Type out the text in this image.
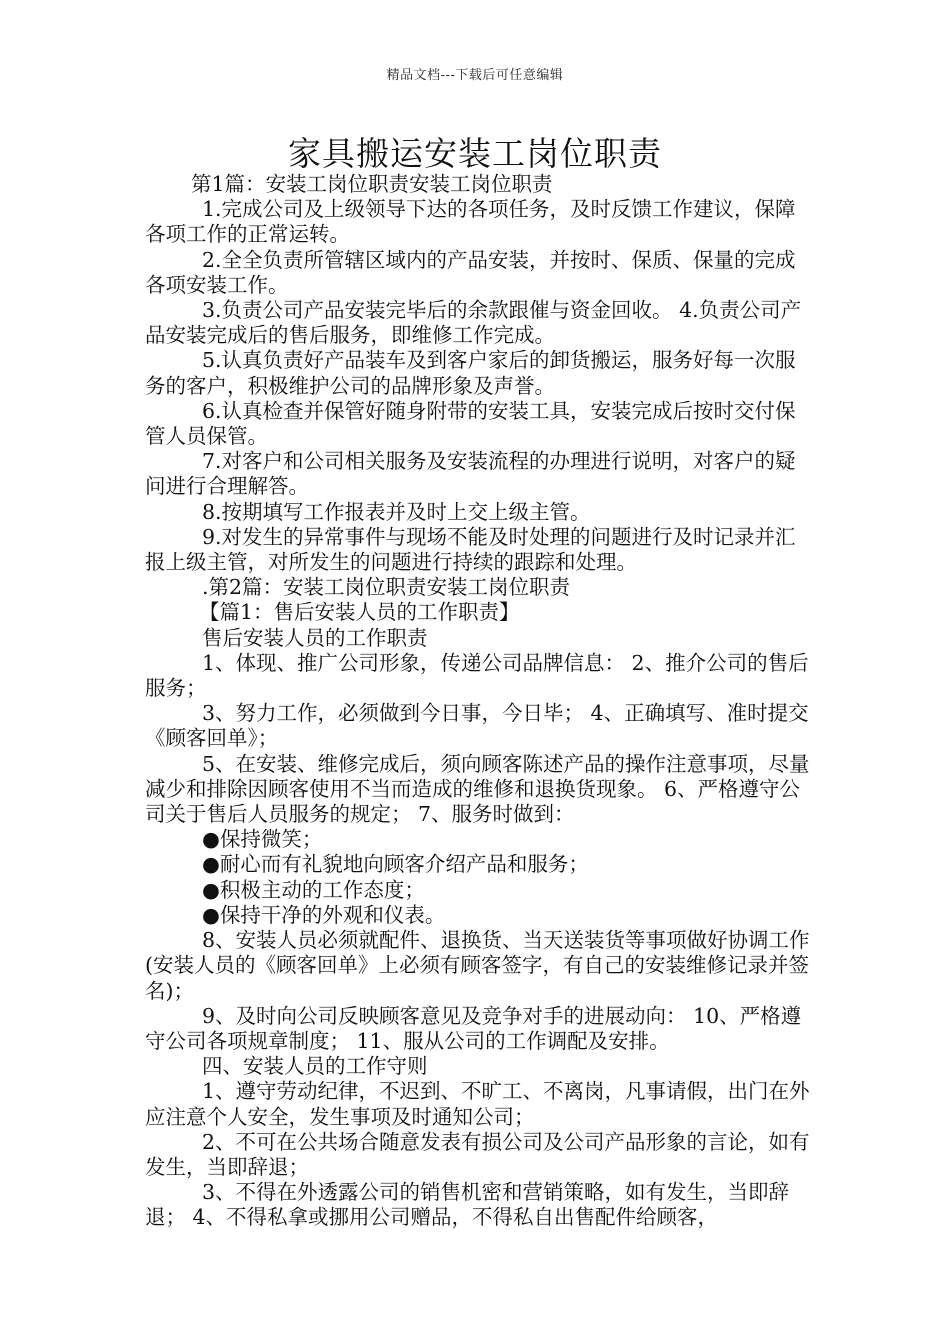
精品文档---下载后可任意编辑
家具搬运安装工岗位职责

第1篇：安装工岗位职责安装工岗位职责

1.完成公司及上级领导下达的各项任务，及时反馈工作建议，保障各项工作的正常运转。

2.全全负责所管辖区域内的产品安装，并按时、保质、保量的完成各项安装工作。

3.负责公司产品安装完毕后的余款跟催与资金回收。 4.负责公司产品安装完成后的售后服务，即维修工作完成。

5.认真负责好产品装车及到客户家后的卸货搬运，服务好每一次服务的客户，积极维护公司的品牌形象及声誉。

6.认真检查并保管好随身附带的安装工具，安装完成后按时交付保管人员保管。

7.对客户和公司相关服务及安装流程的办理进行说明，对客户的疑问进行合理解答。

8.按期填写工作报表并及时上交上级主管。

9.对发生的异常事件与现场不能及时处理的问题进行及时记录并汇报上级主管，对所发生的问题进行持续的跟踪和处理。

.第2篇：安装工岗位职责安装工岗位职责

【篇1：售后安装人员的工作职责】

售后安装人员的工作职责

1、体现、推广公司形象，传递公司品牌信息： 2、推介公司的售后服务；

3、努力工作，必须做到今日事，今日毕； 4、正确填写、准时提交《顾客回单》；

5、在安装、维修完成后，须向顾客陈述产品的操作注意事项，尽量减少和排除因顾客使用不当而造成的维修和退换货现象。 6、严格遵守公司关于售后人员服务的规定； 7、服务时做到：

●保持微笑；

●耐心而有礼貌地向顾客介绍产品和服务；

●积极主动的工作态度；

●保持干净的外观和仪表。

8、安装人员必须就配件、退换货、当天送装货等事项做好协调工作(安装人员的《顾客回单》上必须有顾客签字，有自己的安装维修记录并签名)；

9、及时向公司反映顾客意见及竞争对手的进展动向： 10、严格遵守公司各项规章制度； 11、服从公司的工作调配及安排。

四、安装人员的工作守则

1、遵守劳动纪律，不迟到、不旷工、不离岗，凡事请假，出门在外应注意个人安全，发生事项及时通知公司；

2、不可在公共场合随意发表有损公司及公司产品形象的言论，如有发生，当即辞退；

3、不得在外透露公司的销售机密和营销策略，如有发生，当即辞退； 4、不得私拿或挪用公司赠品，不得私自出售配件给顾客，
